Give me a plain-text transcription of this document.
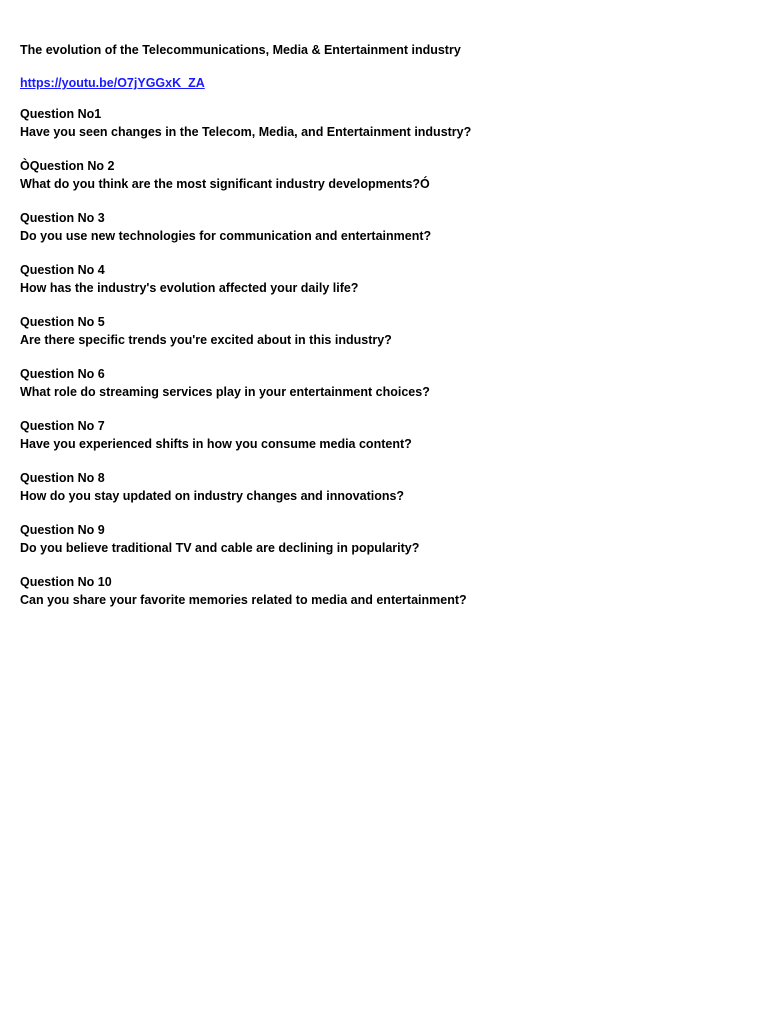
The evolution of the Telecommunications, Media & Entertainment industry

https://youtu.be/O7jYGGxK_ZA

Question No1

Have you seen changes in the Telecom, Media, and Entertainment industry?

ÒQuestion No 2

What do you think are the most significant industry developments?Ó

Question No 3

Do you use new technologies for communication and entertainment?

Question No 4

How has the industry's evolution affected your daily life?

Question No 5

Are there specific trends you're excited about in this industry?

Question No 6

What role do streaming services play in your entertainment choices?

Question No 7

Have you experienced shifts in how you consume media content?

Question No 8

How do you stay updated on industry changes and innovations?

Question No 9

Do you believe traditional TV and cable are declining in popularity?

Question No 10

Can you share your favorite memories related to media and entertainment?
